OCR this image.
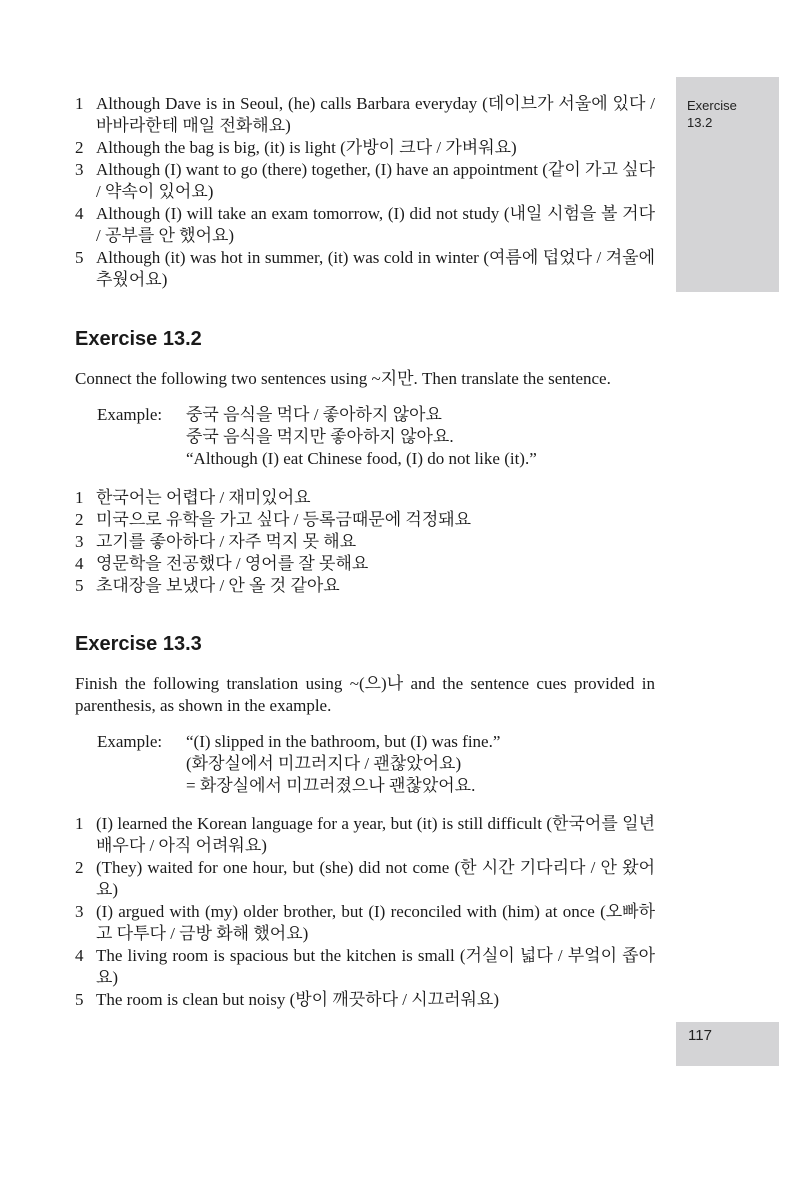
Exercise
13.2
117
1 Although Dave is in Seoul, (he) calls Barbara everyday (데이브가 서울에 있다 / 바바라한테 매일 전화해요)
2 Although the bag is big, (it) is light (가방이 크다 / 가벼워요)
3 Although (I) want to go (there) together, (I) have an appointment (같이 가고 싶다 / 약속이 있어요)
4 Although (I) will take an exam tomorrow, (I) did not study (내일 시험을 볼 거다 / 공부를 안 했어요)
5 Although (it) was hot in summer, (it) was cold in winter (여름에 덥었다 / 겨울에 추웠어요)
Exercise 13.2

Connect the following two sentences using ~지만. Then translate the sentence.

Example:	중국 음식을 먹다 / 좋아하지 않아요
중국 음식을 먹지만 좋아하지 않아요.
“Although (I) eat Chinese food, (I) do not like (it).”
1 한국어는 어렵다 / 재미있어요
2 미국으로 유학을 가고 싶다 / 등록금때문에 걱정돼요
3 고기를 좋아하다 / 자주 먹지 못 해요
4 영문학을 전공했다 / 영어를 잘 못해요
5 초대장을 보냈다 / 안 올 것 같아요
Exercise 13.3

Finish the following translation using ~(으)나 and the sentence cues provided in parenthesis, as shown in the example.

Example:	“(I) slipped in the bathroom, but (I) was fine.”
(화장실에서 미끄러지다 / 괜찮았어요)
= 화장실에서 미끄러졌으나 괜찮았어요.
1 (I) learned the Korean language for a year, but (it) is still difficult (한국어를 일년 배우다 / 아직 어려워요)
2 (They) waited for one hour, but (she) did not come (한 시간 기다리다 / 안 왔어요)
3 (I) argued with (my) older brother, but (I) reconciled with (him) at once (오빠하고 다투다 / 금방 화해 했어요)
4 The living room is spacious but the kitchen is small (거실이 넓다 / 부엌이 좁아요)
5 The room is clean but noisy (방이 깨끗하다 / 시끄러워요)
